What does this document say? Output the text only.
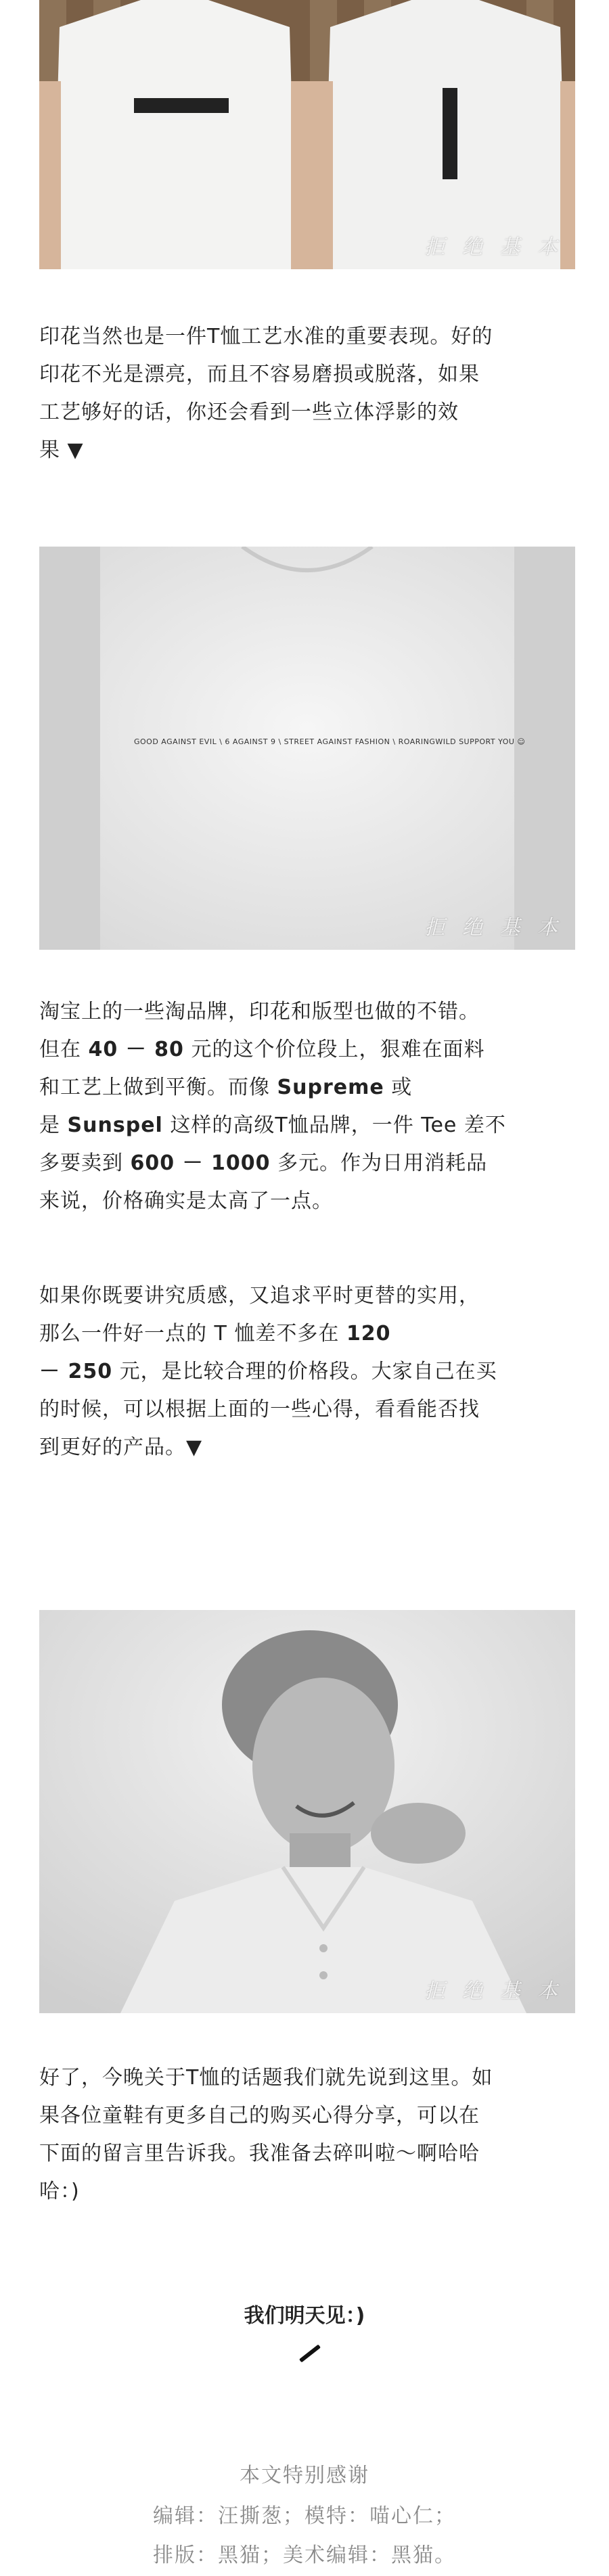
拒 绝 基 本
印花当然也是一件T恤工艺水准的重要表现。好的
印花不光是漂亮，而且不容易磨损或脱落，如果
工艺够好的话，你还会看到一些立体浮影的效
果 ▼
GOOD AGAINST EVIL \ 6 AGAINST 9 \ STREET AGAINST FASHION \ ROARINGWILD SUPPORT YOU ☺
拒 绝 基 本
淘宝上的一些淘品牌，印花和版型也做的不错。
但在 40 － 80 元的这个价位段上，狠难在面料
和工艺上做到平衡。而像 Supreme 或
是 Sunspel 这样的高级T恤品牌，一件 Tee 差不
多要卖到 600 － 1000 多元。作为日用消耗品
来说，价格确实是太高了一点。
如果你既要讲究质感，又追求平时更替的实用，
那么一件好一点的 T 恤差不多在 120
－ 250 元，是比较合理的价格段。大家自己在买
的时候，可以根据上面的一些心得，看看能否找
到更好的产品。▼
拒 绝 基 本
好了，今晚关于T恤的话题我们就先说到这里。如
果各位童鞋有更多自己的购买心得分享，可以在
下面的留言里告诉我。我准备去碎叫啦～啊哈哈
哈：)
我们明天见：)
本文特别感谢
编辑：汪撕葱；模特：喵心仁；
排版：黑猫；美术编辑：黑猫。
